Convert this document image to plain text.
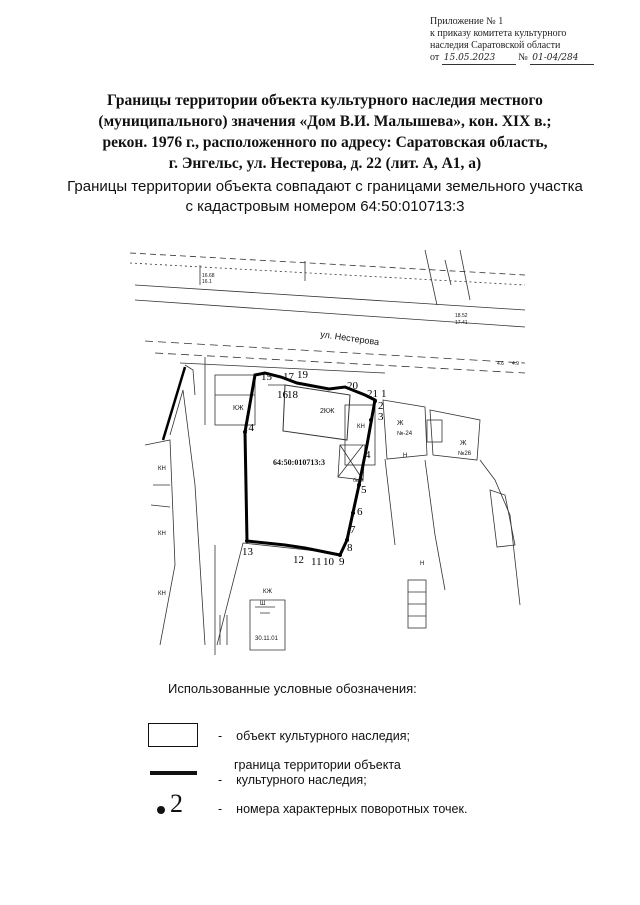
Приложение № 1
к приказу комитета культурного
наследия Саратовской области
от 15.05.2023 № 01-04/284
Границы территории объекта культурного наследия местного
(муниципального) значения «Дом В.И. Малышева», кон. XIX в.;
рекон. 1976 г., расположенного по адресу: Саратовская область,
г. Энгельс, ул. Нестерова, д. 22 (лит. А, А1, а)
Границы территории объекта совпадают с границами земельного участка
с кадастровым номером 64:50:010713:3
ул. Нестерова
64:50:010713:3
КЖ	2КЖ
КН	Ж
Ж
КН
Н
Н
КН
КН
Ш
№-24
№26
16.68
16.1
18.52
17.41
4.6 4.9
30.11.01
бетн
КЖ
1
2
3
4
5
6
7
8
9
10
11
12
13
14
15
16
17
18
19
20
21
Использованные условные обозначения:
- объект культурного наследия;
граница территории объекта
- культурного наследия;
2	- номера характерных поворотных точек.
